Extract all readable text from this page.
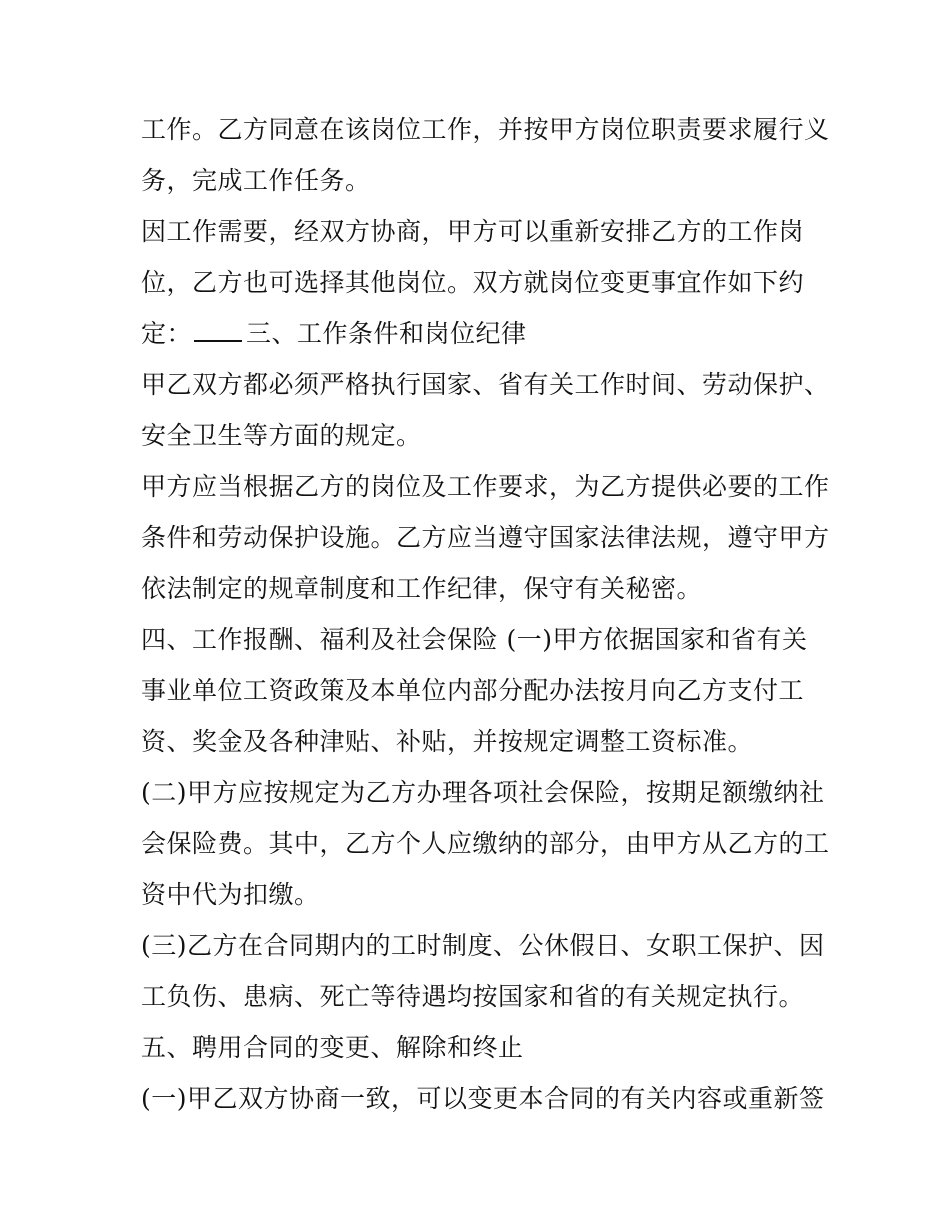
工作。乙方同意在该岗位工作，并按甲方岗位职责要求履行义
务，完成工作任务。
因工作需要，经双方协商，甲方可以重新安排乙方的工作岗
位，乙方也可选择其他岗位。双方就岗位变更事宜作如下约
定： 三、工作条件和岗位纪律
甲乙双方都必须严格执行国家、省有关工作时间、劳动保护、
安全卫生等方面的规定。
甲方应当根据乙方的岗位及工作要求，为乙方提供必要的工作
条件和劳动保护设施。乙方应当遵守国家法律法规，遵守甲方
依法制定的规章制度和工作纪律，保守有关秘密。
四、工作报酬、福利及社会保险 (一)甲方依据国家和省有关
事业单位工资政策及本单位内部分配办法按月向乙方支付工
资、奖金及各种津贴、补贴，并按规定调整工资标准。
(二)甲方应按规定为乙方办理各项社会保险，按期足额缴纳社
会保险费。其中，乙方个人应缴纳的部分，由甲方从乙方的工
资中代为扣缴。
(三)乙方在合同期内的工时制度、公休假日、女职工保护、因
工负伤、患病、死亡等待遇均按国家和省的有关规定执行。
五、聘用合同的变更、解除和终止
(一)甲乙双方协商一致，可以变更本合同的有关内容或重新签
